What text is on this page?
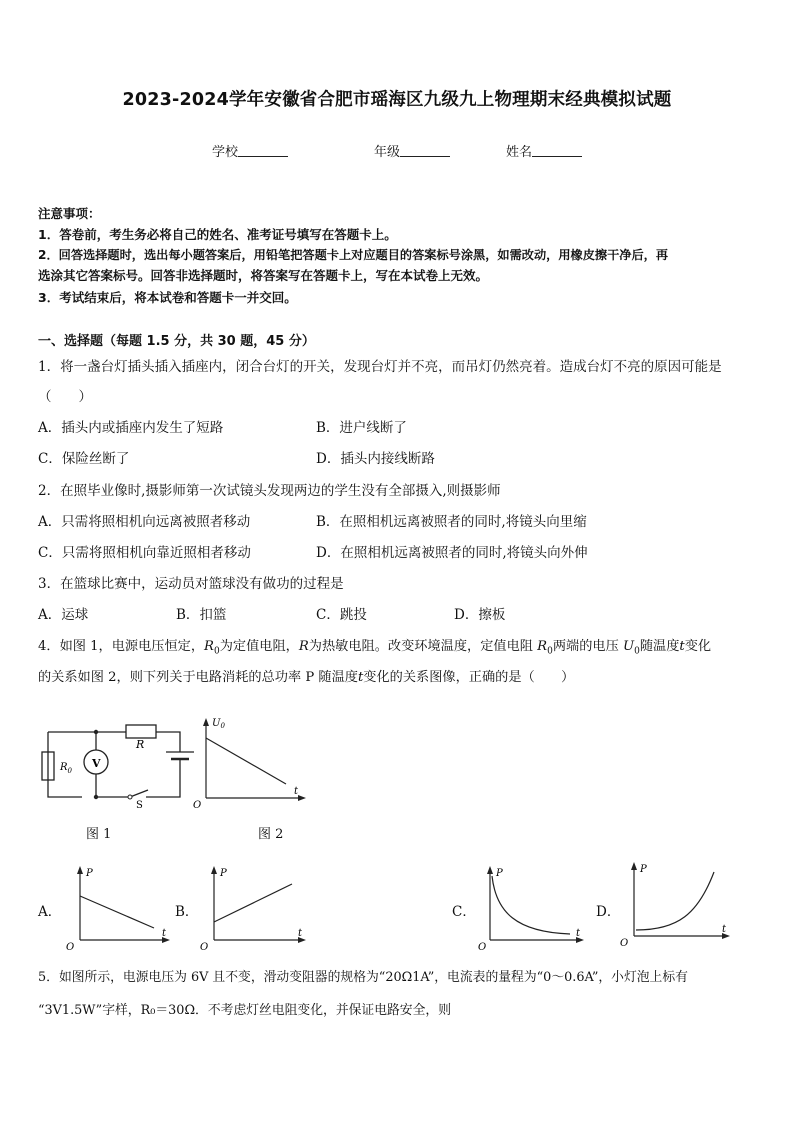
2023-2024学年安徽省合肥市瑶海区九级九上物理期末经典模拟试题
学校	年级	姓名
注意事项：
1．答卷前，考生务必将自己的姓名、准考证号填写在答题卡上。
2．回答选择题时，选出每小题答案后，用铅笔把答题卡上对应题目的答案标号涂黑，如需改动，用橡皮擦干净后，再
选涂其它答案标号。回答非选择题时，将答案写在答题卡上，写在本试卷上无效。
3．考试结束后，将本试卷和答题卡一并交回。
一、选择题（每题 1.5 分，共 30 题，45 分）
1．将一盏台灯插头插入插座内，闭合台灯的开关，发现台灯并不亮，而吊灯仍然亮着。造成台灯不亮的原因可能是
（　　）
A．插头内或插座内发生了短路	B．进户线断了
C．保险丝断了	D．插头内接线断路
2．在照毕业像时,摄影师第一次试镜头发现两边的学生没有全部摄入,则摄影师
A．只需将照相机向远离被照者移动	B．在照相机远离被照者的同时,将镜头向里缩
C．只需将照相机向靠近照相者移动	D．在照相机远离被照者的同时,将镜头向外伸
3．在篮球比赛中，运动员对篮球没有做功的过程是
A．运球	B．扣篮	C．跳投	D．擦板
4．如图 1，电源电压恒定，$R_0$为定值电阻，R为热敏电阻。改变环境温度，定值电阻 $R_0$两端的电压 $U_0$随温度t变化
的关系如图 2，则下列关于电路消耗的总功率 P 随温度t变化的关系图像，正确的是（　　）
R
V
$R_0$
S
$U_0$
O
t
图 1	图 2
A．
P
O
t
B．
P
O
t
C．
P
O
t
D．
P
O
t
5．如图所示，电源电压为 6V 且不变，滑动变阻器的规格为“20Ω1A”，电流表的量程为“0～0.6A”，小灯泡上标有
“3V1.5W”字样，R₀＝30Ω．不考虑灯丝电阻变化，并保证电路安全，则
